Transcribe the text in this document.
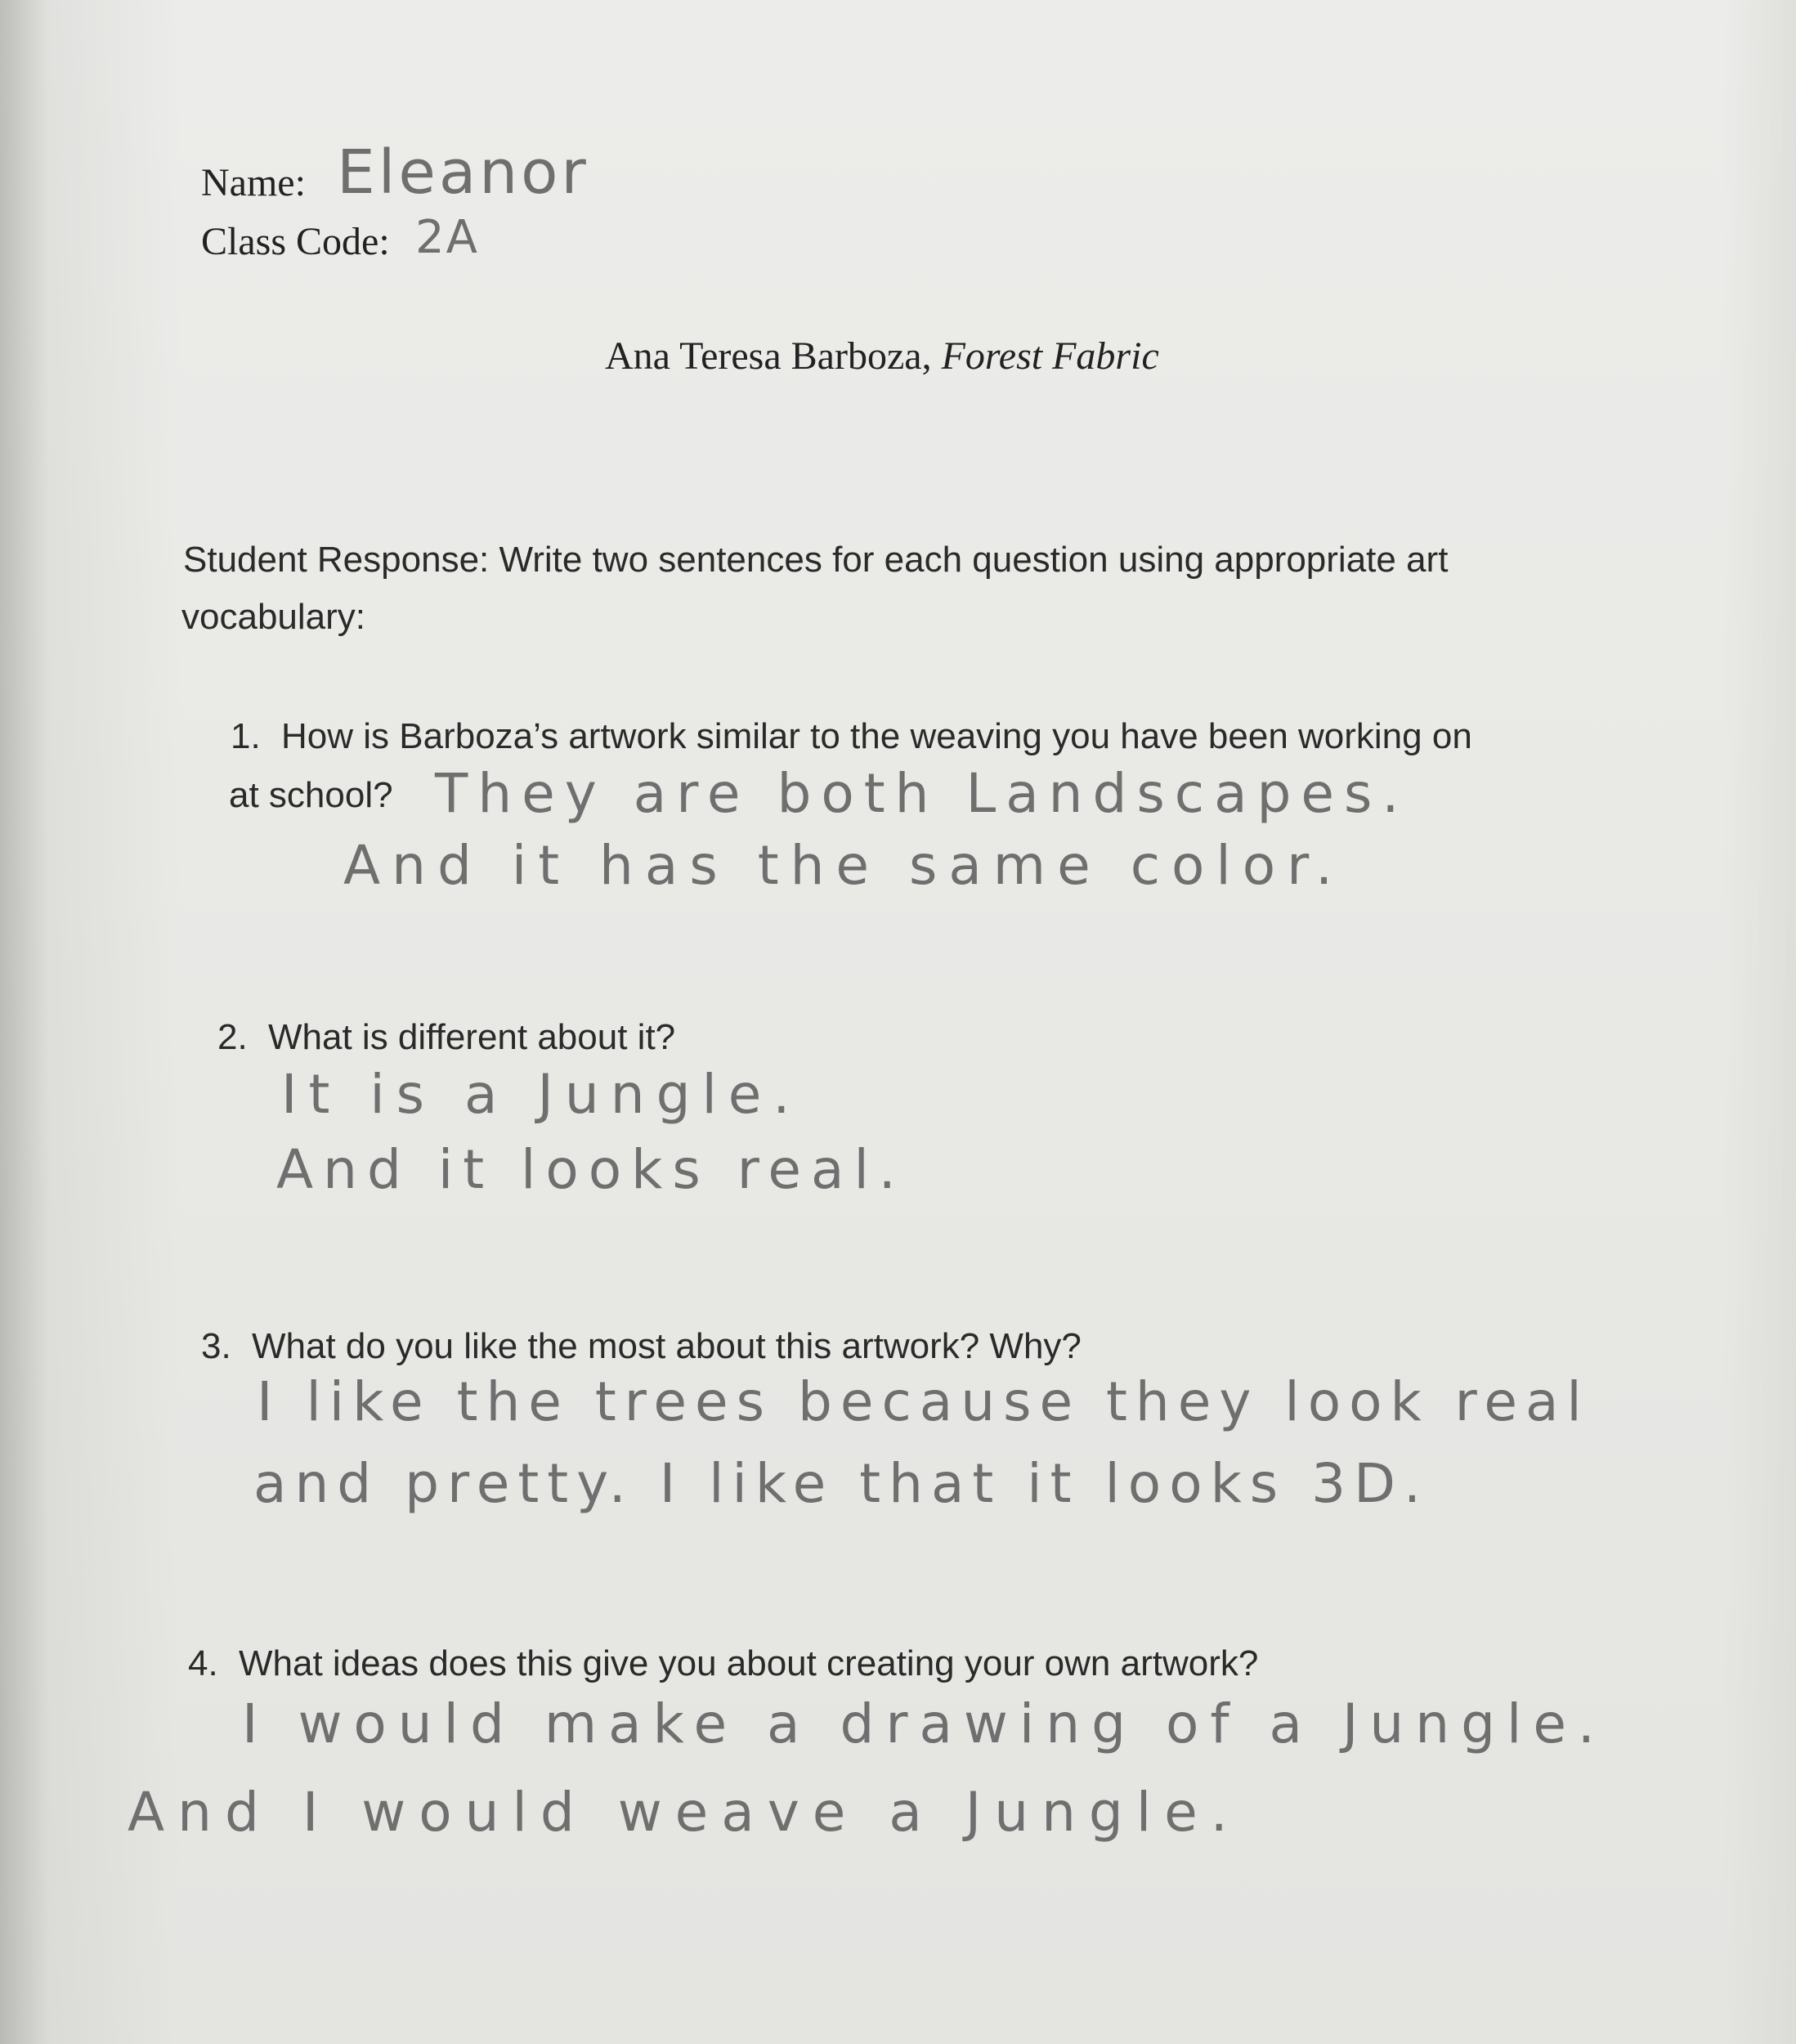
Name: Eleanor
Class Code: 2A
Ana Teresa Barboza, Forest Fabric
Student Response: Write two sentences for each question using appropriate art
vocabulary:
1. How is Barboza’s artwork similar to the weaving you have been working on
at school? They are both Landscapes.
And it has the same color.
2. What is different about it?
It is a Jungle.
And it looks real.
3. What do you like the most about this artwork? Why?
I like the trees because they look real
and pretty. I like that it looks 3D.
4. What ideas does this give you about creating your own artwork?
I would make a drawing of a Jungle.
And I would weave a Jungle.
